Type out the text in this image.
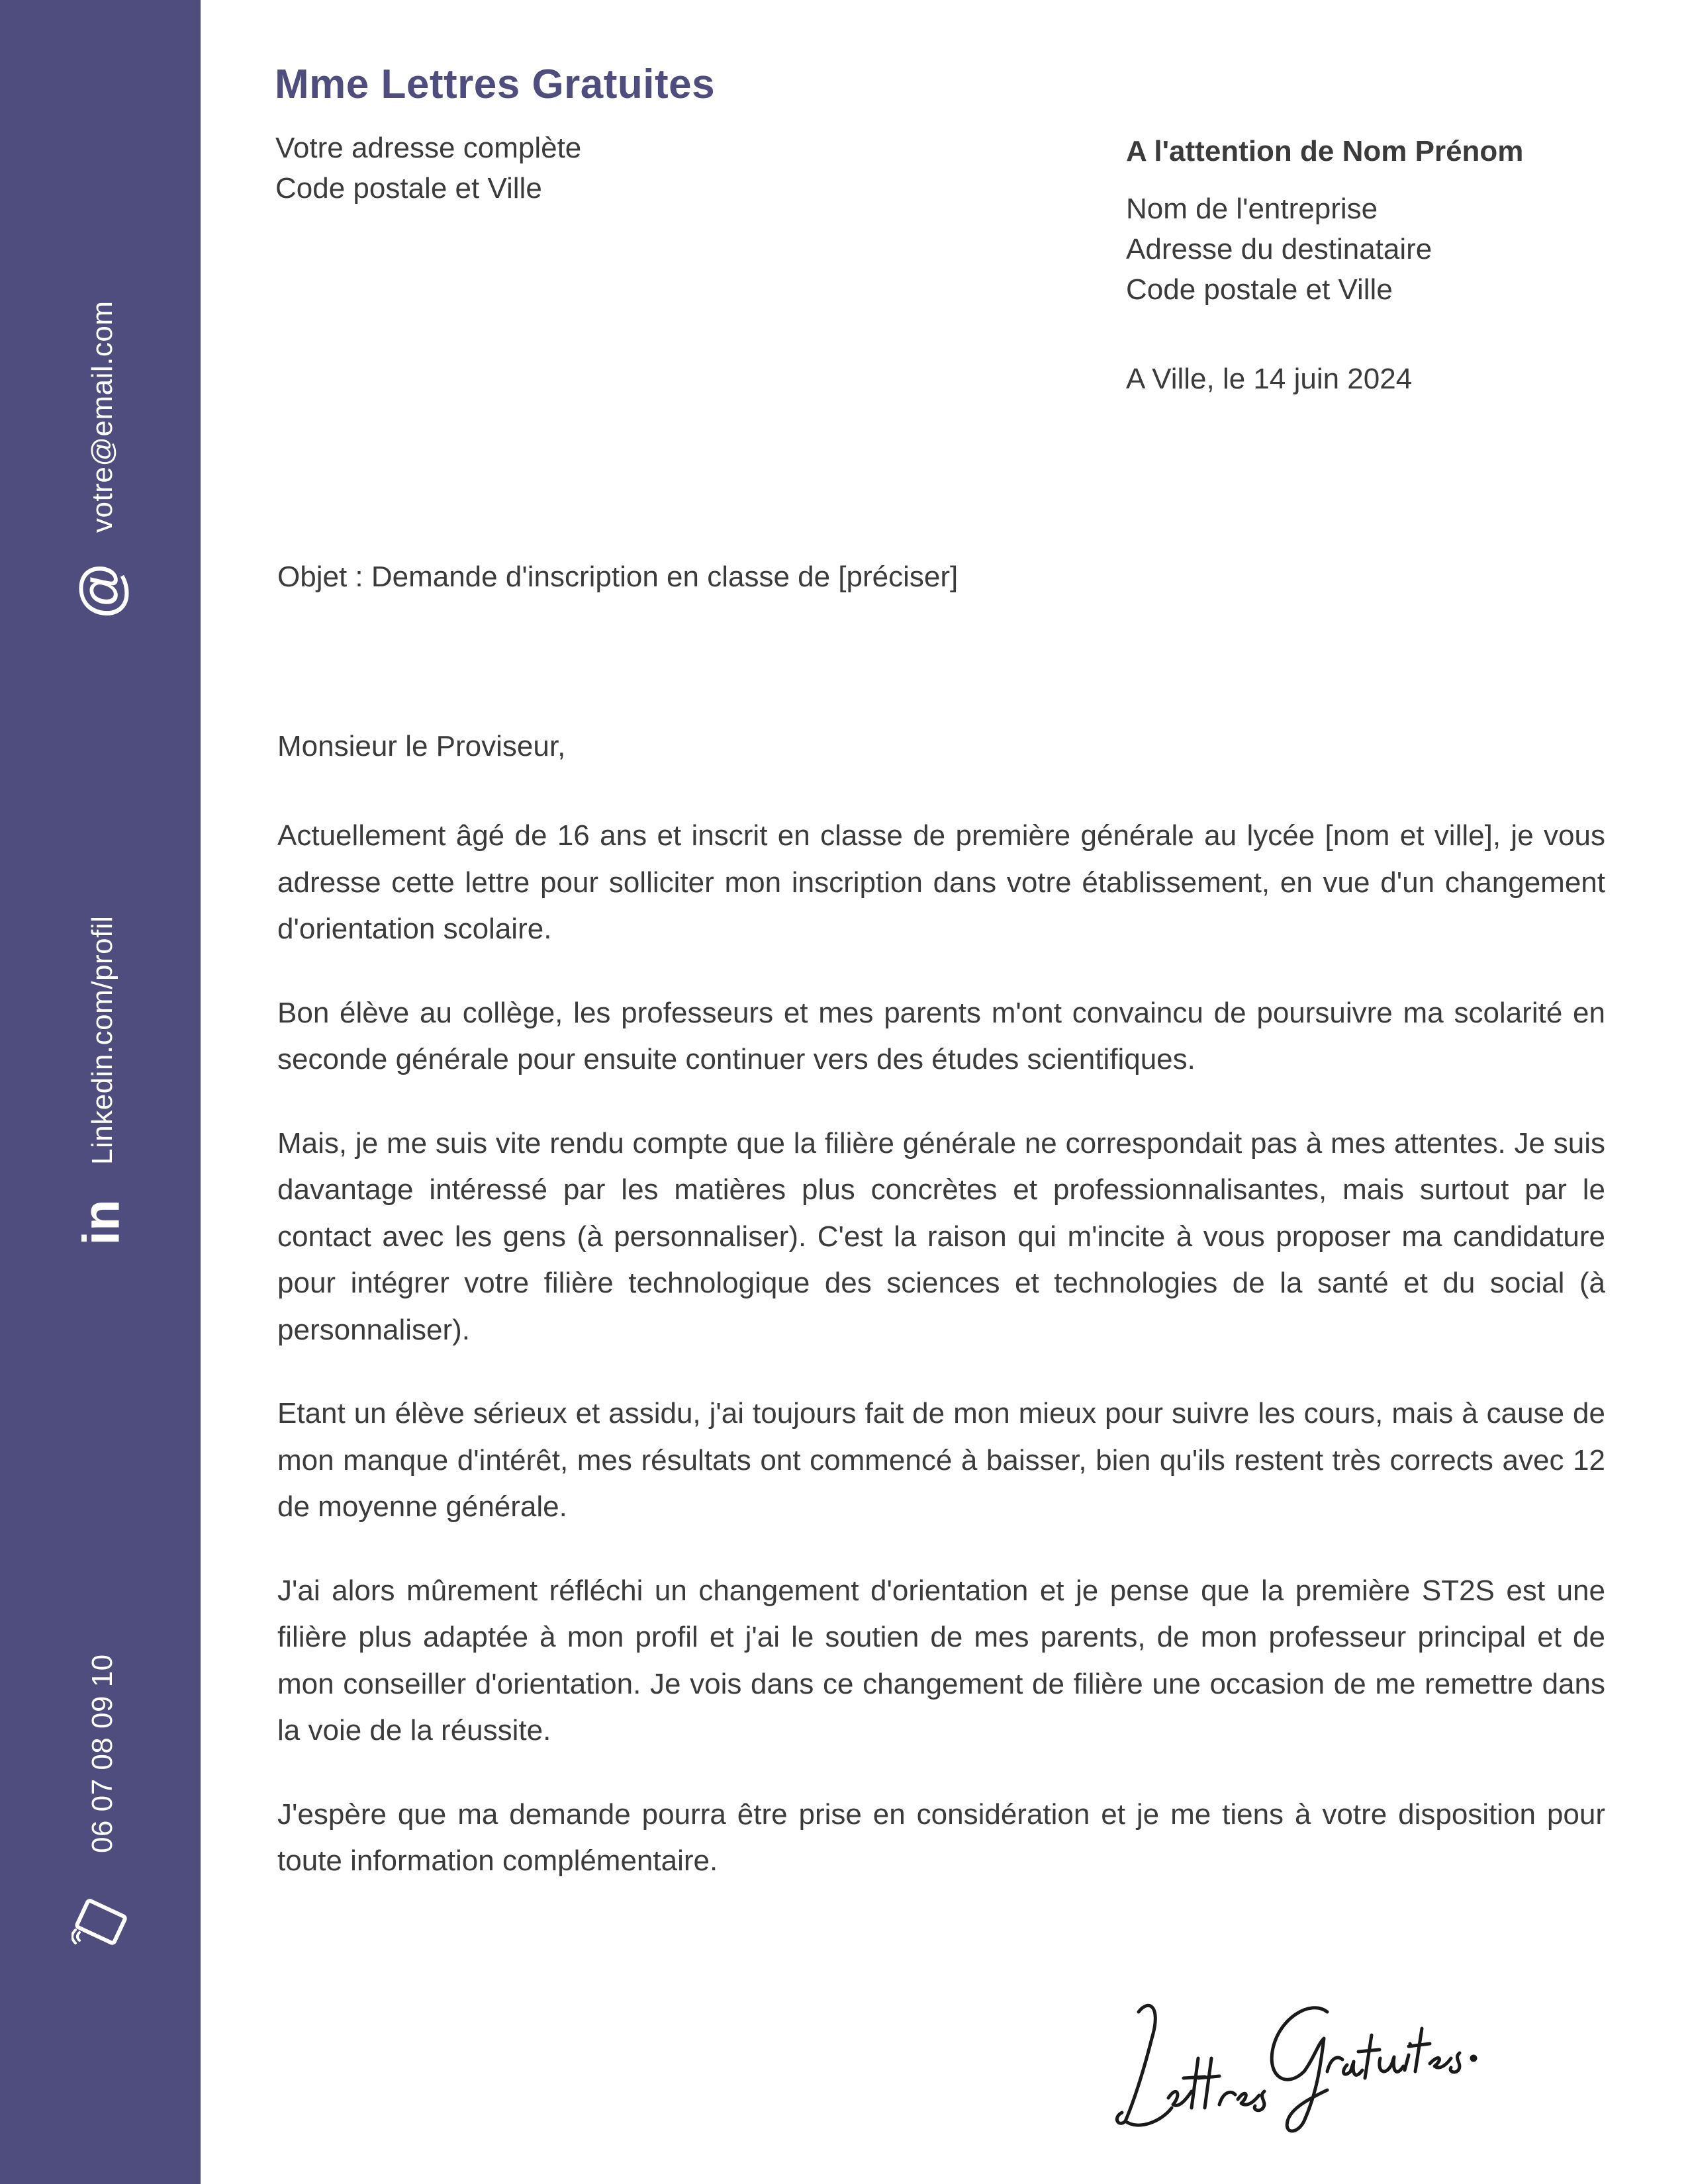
votre@email.com
@
Linkedin.com/profil
in
06 07 08 09 10
Mme Lettres Gratuites
Votre adresse complète
Code postale et Ville
A l'attention de Nom Prénom
Nom de l'entreprise
Adresse du destinataire
Code postale et Ville
A Ville, le 14 juin 2024
Objet : Demande d'inscription en classe de [préciser]
Monsieur le Proviseur,

Actuellement âgé de 16 ans et inscrit en classe de première générale au lycée [nom et ville], je vous adresse cette lettre pour solliciter mon inscription dans votre établissement, en vue d'un changement d'orientation scolaire.

Bon élève au collège, les professeurs et mes parents m'ont convaincu de poursuivre ma scolarité en seconde générale pour ensuite continuer vers des études scientifiques.

Mais, je me suis vite rendu compte que la filière générale ne correspondait pas à mes attentes. Je suis davantage intéressé par les matières plus concrètes et professionnalisantes, mais surtout par le contact avec les gens (à personnaliser). C'est la raison qui m'incite à vous proposer ma candidature pour intégrer votre filière technologique des sciences et technologies de la santé et du social (à personnaliser).

Etant un élève sérieux et assidu, j'ai toujours fait de mon mieux pour suivre les cours, mais à cause de mon manque d'intérêt, mes résultats ont commencé à baisser, bien qu'ils restent très corrects avec 12 de moyenne générale.

J'ai alors mûrement réfléchi un changement d'orientation et je pense que la première ST2S est une filière plus adaptée à mon profil et j'ai le soutien de mes parents, de mon professeur principal et de mon conseiller d'orientation. Je vois dans ce changement de filière une occasion de me remettre dans la voie de la réussite.

J'espère que ma demande pourra être prise en considération et je me tiens à votre disposition pour toute information complémentaire.
